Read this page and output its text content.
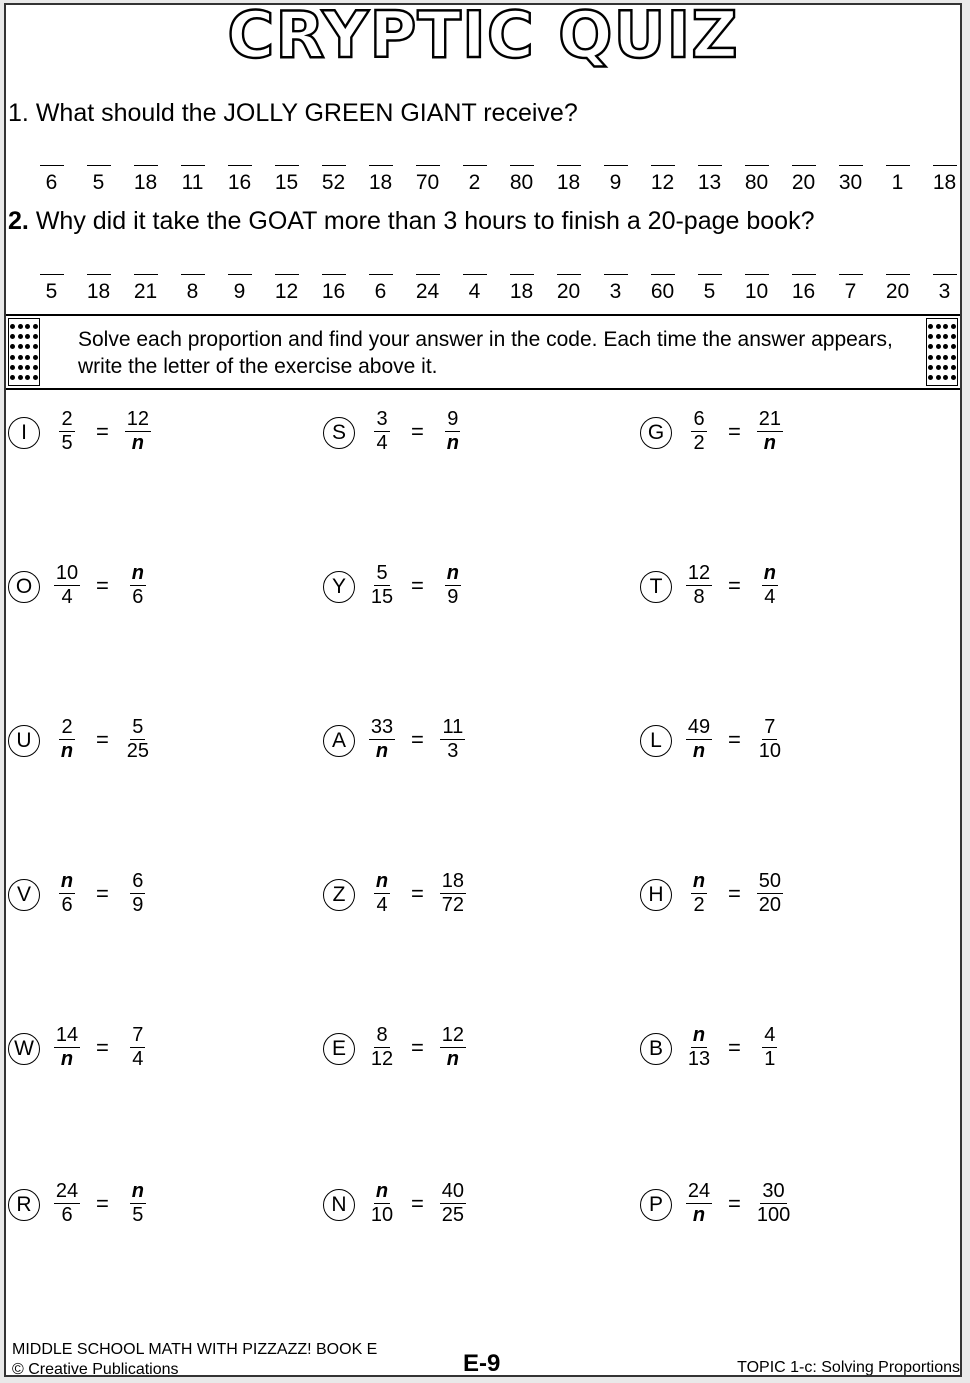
CRYPTIC QUIZ
1. What should the JOLLY GREEN GIANT receive?
6	5	18	11	16	15	52	18	70	2	80	18	9	12	13	80	20	30	1	18
2. Why did it take the GOAT more than 3 hours to finish a 20-page book?
5	18	21	8	9	12	16	6	24	4	18	20	3	60	5	10	16	7	20	3
Solve each proportion and find your answer in the code. Each time the answer appears, write the letter of the exercise above it.
I	$\frac{2}{5} = \frac{12}{n}$	S	$\frac{3}{4} = \frac{9}{n}$	G $\frac{6}{2} = \frac{21}{n}$
O $\frac{10}{4} = \frac{n}{6}$	Y	$\frac{5}{15} = \frac{n}{9}$	T	$\frac{12}{8} = \frac{n}{4}$
U	$\frac{2}{n} = \frac{5}{25}$	A	$\frac{33}{n} = \frac{11}{3}$	L	$\frac{49}{n} = \frac{7}{10}$
V	$\frac{n}{6} = \frac{6}{9}$	Z	$\frac{n}{4} = \frac{18}{72}$	H	$\frac{n}{2} = \frac{50}{20}$
W $\frac{14}{n} = \frac{7}{4}$	E	$\frac{8}{12} = \frac{12}{n}$	B	$\frac{n}{13} = \frac{4}{1}$
R	$\frac{24}{6} = \frac{n}{5}$	N	$\frac{n}{10} = \frac{40}{25}$	P	$\frac{24}{n} = \frac{30}{100}$
MIDDLE SCHOOL MATH WITH PIZZAZZ! BOOK E
© Creative Publications	E-9	TOPIC 1-c: Solving Proportions
